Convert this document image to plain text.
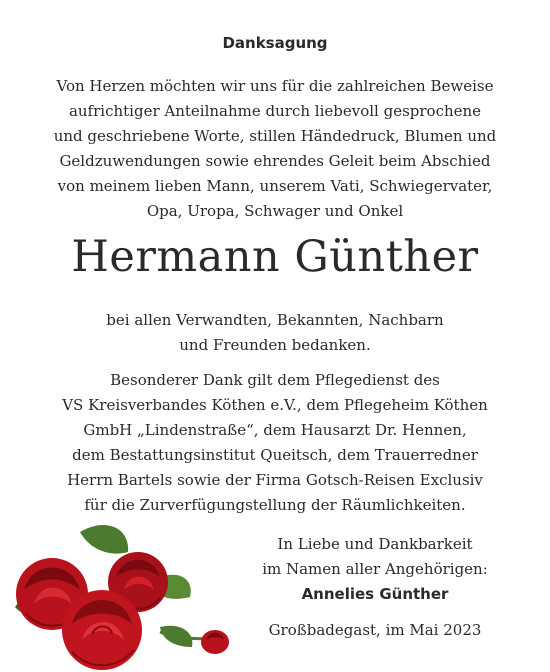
Danksagung
Von Herzen möchten wir uns für die zahlreichen Beweise
aufrichtiger Anteilnahme durch liebevoll gesprochene
und geschriebene Worte, stillen Händedruck, Blumen und
Geldzuwendungen sowie ehrendes Geleit beim Abschied
von meinem lieben Mann, unserem Vati, Schwiegervater,
Opa, Uropa, Schwager und Onkel
Hermann Günther
bei allen Verwandten, Bekannten, Nachbarn
und Freunden bedanken.
Besonderer Dank gilt dem Pflegedienst des
VS Kreisverbandes Köthen e.V., dem Pflegeheim Köthen
GmbH „Lindenstraße“, dem Hausarzt Dr. Hennen,
dem Bestattungsinstitut Queitsch, dem Trauerredner
Herrn Bartels sowie der Firma Gotsch-Reisen Exclusiv
für die Zurverfügungstellung der Räumlichkeiten.
In Liebe und Dankbarkeit
im Namen aller Angehörigen:
Annelies Günther
Großbadegast, im Mai 2023
